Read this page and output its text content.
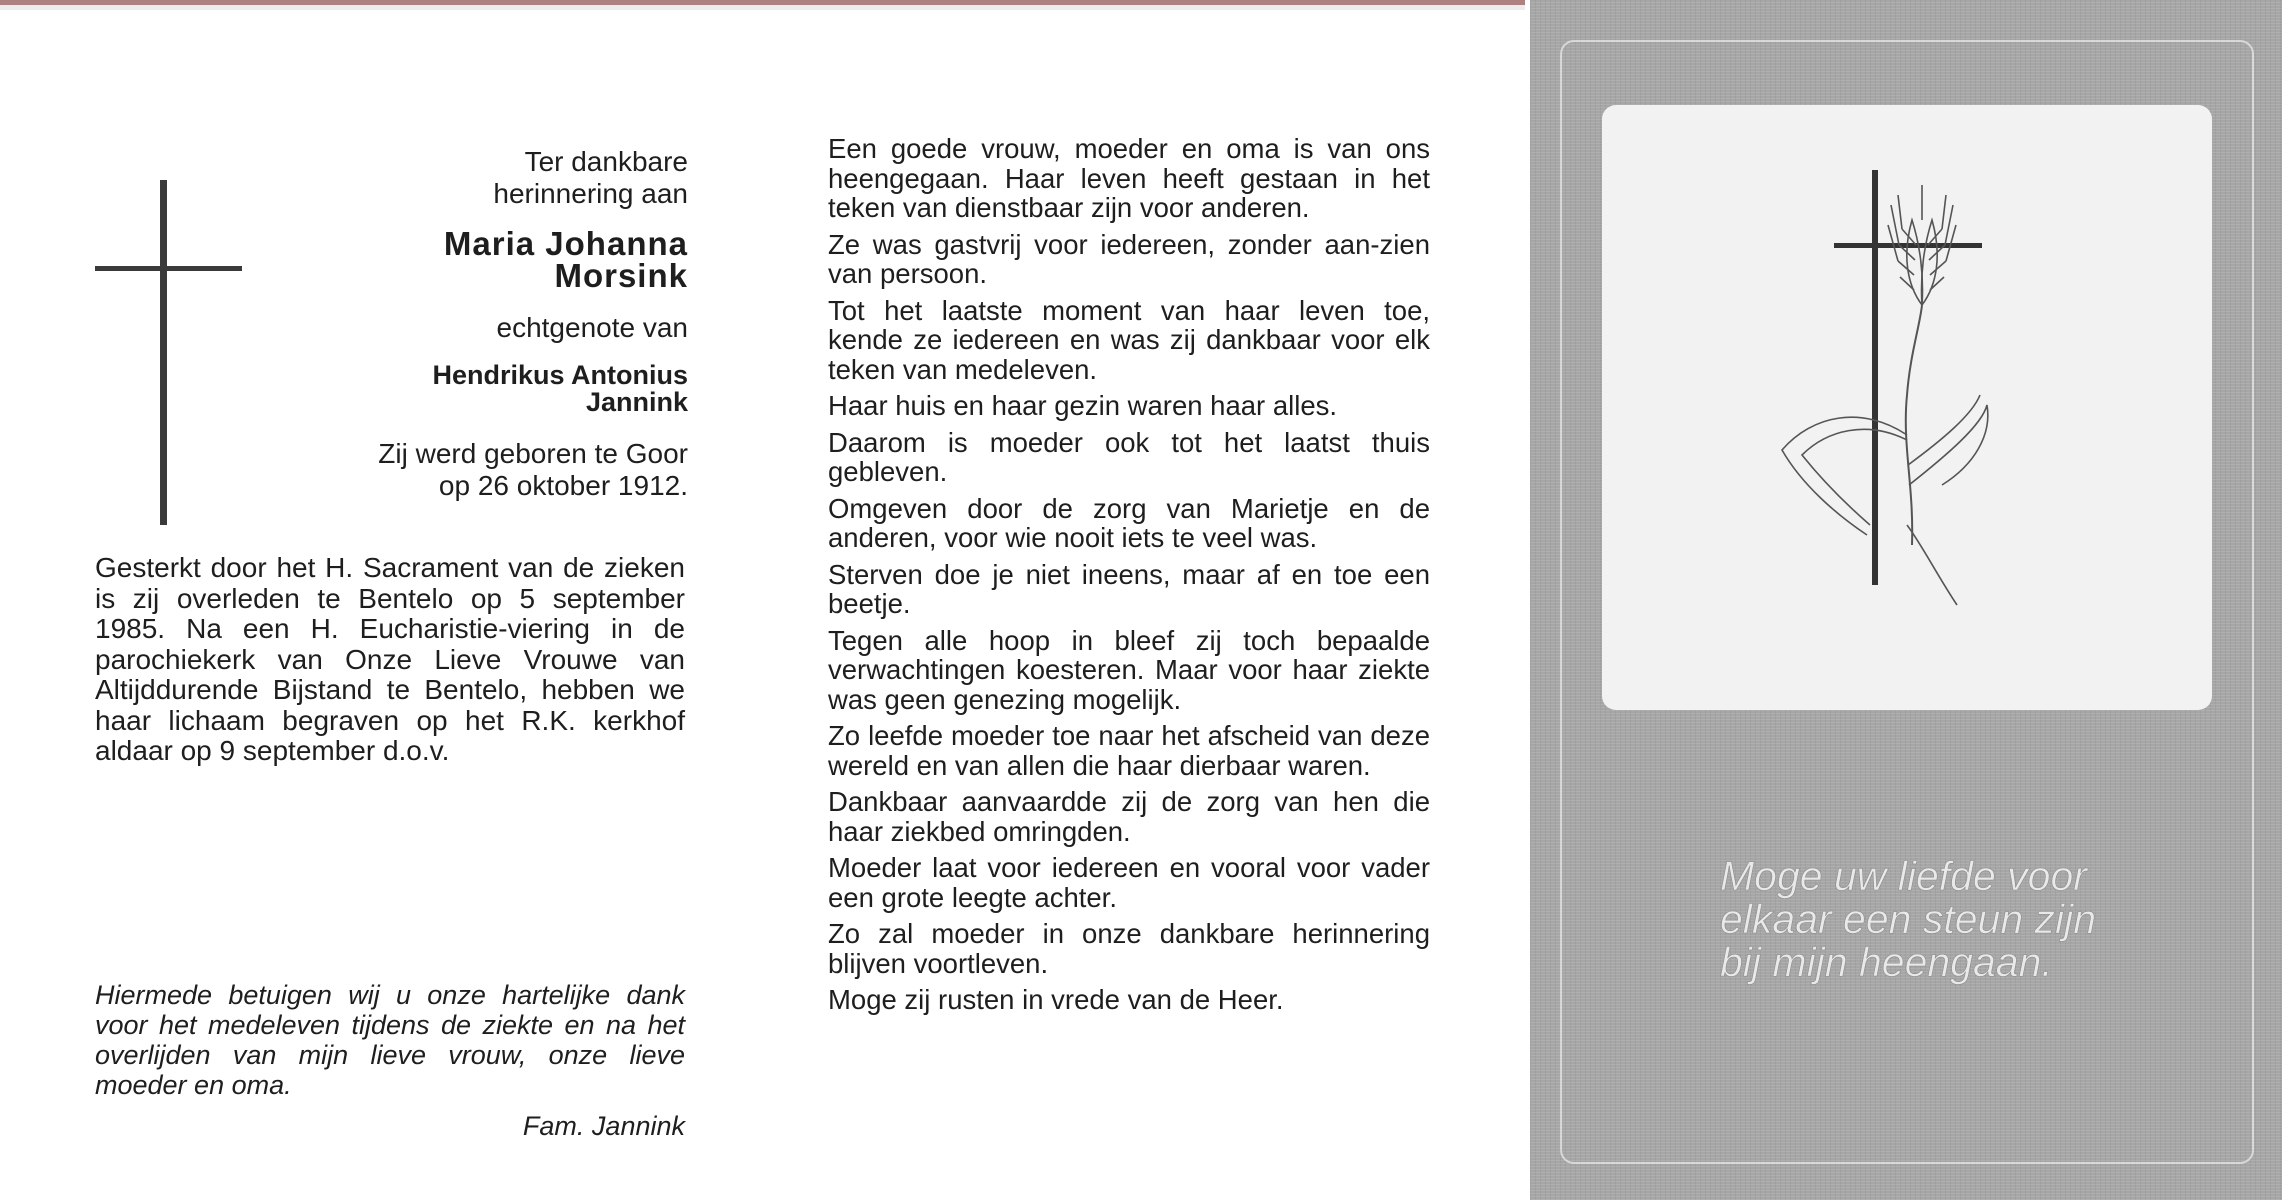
Ter dankbare
herinnering aan
Maria Johanna
Morsink
echtgenote van
Hendrikus Antonius
Jannink
Zij werd geboren te Goor
op 26 oktober 1912.
Gesterkt door het H. Sacrament van de zieken is zij overleden te Bentelo op 5 september 1985. Na een H. Eucharistie-viering in de parochiekerk van Onze Lieve Vrouwe van Altijddurende Bijstand te Bentelo, hebben we haar lichaam begraven op het R.K. kerkhof aldaar op 9 september d.o.v.
Hiermede betuigen wij u onze hartelijke dank voor het medeleven tijdens de ziekte en na het overlijden van mijn lieve vrouw, onze lieve moeder en oma.
Fam. Jannink

Een goede vrouw, moeder en oma is van ons heengegaan. Haar leven heeft gestaan in het teken van dienstbaar zijn voor anderen.

Ze was gastvrij voor iedereen, zonder aan-zien van persoon.

Tot het laatste moment van haar leven toe, kende ze iedereen en was zij dankbaar voor elk teken van medeleven.

Haar huis en haar gezin waren haar alles.

Daarom is moeder ook tot het laatst thuis gebleven.

Omgeven door de zorg van Marietje en de anderen, voor wie nooit iets te veel was.

Sterven doe je niet ineens, maar af en toe een beetje.

Tegen alle hoop in bleef zij toch bepaalde verwachtingen koesteren. Maar voor haar ziekte was geen genezing mogelijk.

Zo leefde moeder toe naar het afscheid van deze wereld en van allen die haar dierbaar waren.

Dankbaar aanvaardde zij de zorg van hen die haar ziekbed omringden.

Moeder laat voor iedereen en vooral voor vader een grote leegte achter.

Zo zal moeder in onze dankbare herinnering blijven voortleven.

Moge zij rusten in vrede van de Heer.

Moge uw liefde voor
elkaar een steun zijn
bij mijn heengaan.
